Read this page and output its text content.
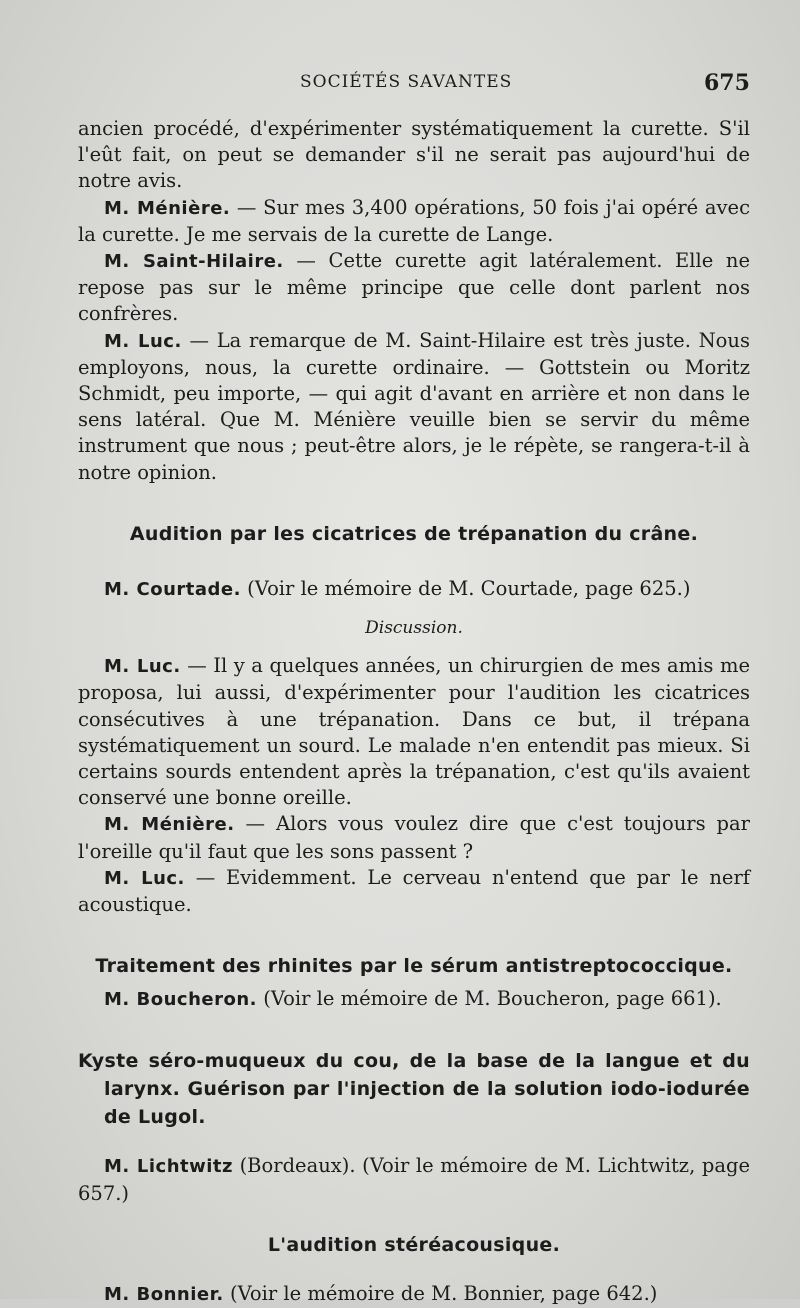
SOCIÉTÉS SAVANTES	675

ancien procédé, d'expérimenter systématiquement la curette. S'il l'eût fait, on peut se demander s'il ne serait pas aujourd'hui de notre avis.

M. Ménière. — Sur mes 3,400 opérations, 50 fois j'ai opéré avec la curette. Je me servais de la curette de Lange.

M. Saint-Hilaire. — Cette curette agit latéralement. Elle ne repose pas sur le même principe que celle dont parlent nos confrères.

M. Luc. — La remarque de M. Saint-Hilaire est très juste. Nous employons, nous, la curette ordinaire. — Gottstein ou Moritz Schmidt, peu importe, — qui agit d'avant en arrière et non dans le sens latéral. Que M. Ménière veuille bien se servir du même instrument que nous ; peut-être alors, je le répète, se rangera-t-il à notre opinion.

Audition par les cicatrices de trépanation du crâne.

M. Courtade. (Voir le mémoire de M. Courtade, page 625.)

Discussion.

M. Luc. — Il y a quelques années, un chirurgien de mes amis me proposa, lui aussi, d'expérimenter pour l'audition les cicatrices consécutives à une trépanation. Dans ce but, il trépana systématiquement un sourd. Le malade n'en entendit pas mieux. Si certains sourds entendent après la trépanation, c'est qu'ils avaient conservé une bonne oreille.

M. Ménière. — Alors vous voulez dire que c'est toujours par l'oreille qu'il faut que les sons passent ?

M. Luc. — Evidemment. Le cerveau n'entend que par le nerf acoustique.

Traitement des rhinites par le sérum antistreptococcique.

M. Boucheron. (Voir le mémoire de M. Boucheron, page 661).

Kyste séro-muqueux du cou, de la base de la langue et du larynx. Guérison par l'injection de la solution iodo-iodurée de Lugol.

M. Lichtwitz (Bordeaux). (Voir le mémoire de M. Lichtwitz, page 657.)

L'audition stéréacousique.

M. Bonnier. (Voir le mémoire de M. Bonnier, page 642.)
